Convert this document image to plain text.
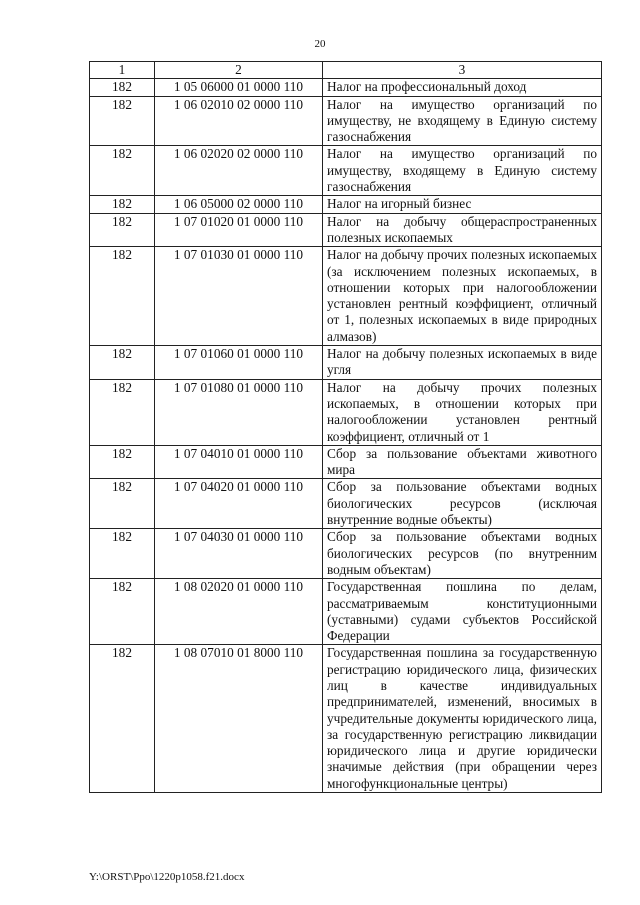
20
1	2	3
182	1 05 06000 01 0000 110	Налог на профессиональный доход
182	1 06 02010 02 0000 110	Налог на имущество организаций по имуществу, не входящему в Единую систему газоснабжения
182	1 06 02020 02 0000 110	Налог на имущество организаций по имуществу, входящему в Единую систему газоснабжения
182	1 06 05000 02 0000 110	Налог на игорный бизнес
182	1 07 01020 01 0000 110	Налог на добычу общераспространенных полезных ископаемых
182	1 07 01030 01 0000 110	Налог на добычу прочих полезных ископаемых (за исключением полезных ископаемых, в отношении которых при налогообложении установлен рентный коэффициент, отличный от 1, полезных ископаемых в виде природных алмазов)
182	1 07 01060 01 0000 110	Налог на добычу полезных ископаемых в виде угля
182	1 07 01080 01 0000 110	Налог на добычу прочих полезных ископаемых, в отношении которых при налогообложении установлен рентный коэффициент, отличный от 1
182	1 07 04010 01 0000 110	Сбор за пользование объектами животного мира
182	1 07 04020 01 0000 110	Сбор за пользование объектами водных биологических ресурсов (исключая внутренние водные объекты)
182	1 07 04030 01 0000 110	Сбор за пользование объектами водных биологических ресурсов (по внутренним водным объектам)
182	1 08 02020 01 0000 110	Государственная пошлина по делам, рассматриваемым конституционными (уставными) судами субъектов Российской Федерации
182	1 08 07010 01 8000 110	Государственная пошлина за государственную регистрацию юридического лица, физических лиц в качестве индивидуальных предпринимателей, изменений, вносимых в учредительные документы юридического лица, за государственную регистрацию ликвидации юридического лица и другие юридически значимые действия (при обращении через многофункциональные центры)
Y:\ORST\Ppo\1220p1058.f21.docx
